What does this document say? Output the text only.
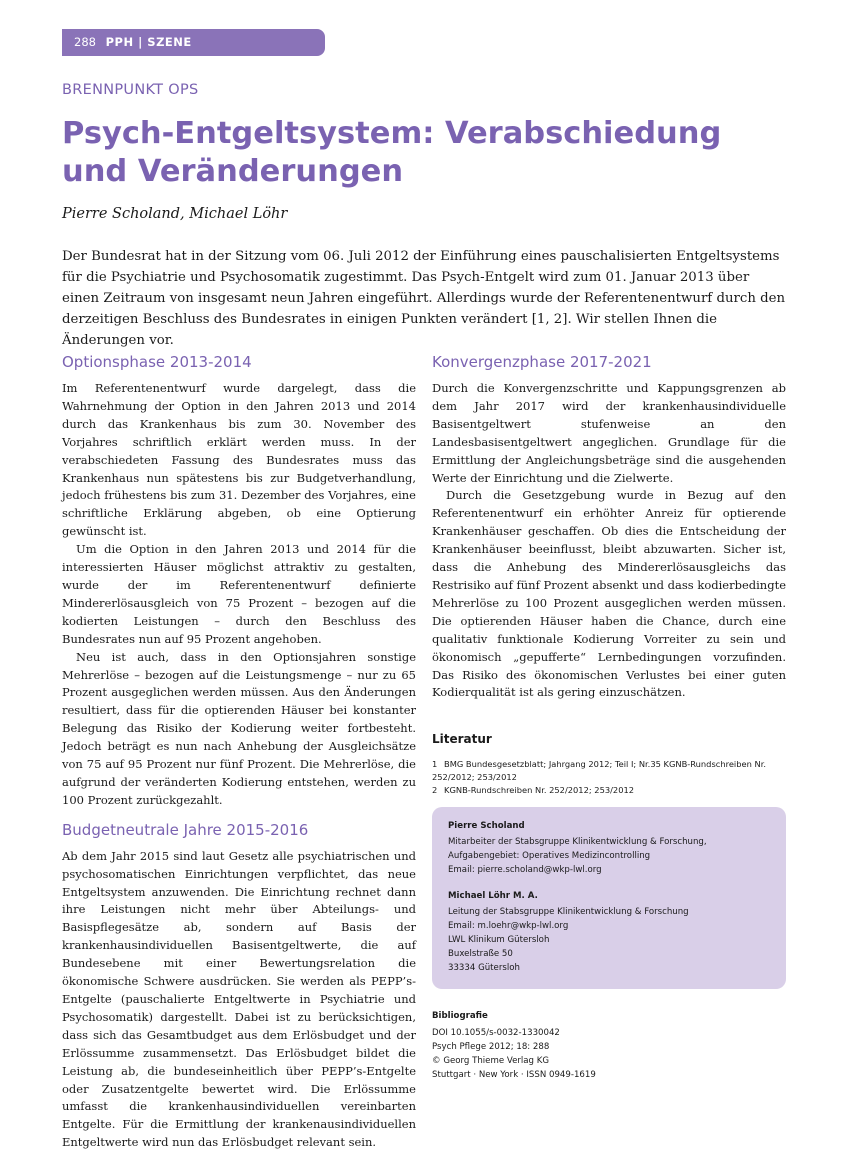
288 PPH | SZENE
BRENNPUNKT OPS
Psych-Entgeltsystem: Verabschiedung und Veränderungen
Pierre Scholand, Michael Löhr

Der Bundesrat hat in der Sitzung vom 06. Juli 2012 der Einführung eines pauschalisierten Entgeltsystems für die Psychiatrie und Psychosomatik zugestimmt. Das Psych-Entgelt wird zum 01. Januar 2013 über einen Zeitraum von insgesamt neun Jahren eingeführt. Allerdings wurde der Referentenentwurf durch den derzeitigen Beschluss des Bundesrates in einigen Punkten verändert [1, 2]. Wir stellen Ihnen die Änderungen vor.

Optionsphase 2013-2014

Im Referentenentwurf wurde dargelegt, dass die Wahrnehmung der Option in den Jahren 2013 und 2014 durch das Krankenhaus bis zum 30. November des Vorjahres schriftlich erklärt werden muss. In der verabschiedeten Fassung des Bundesrates muss das Krankenhaus nun spätestens bis zur Budgetverhandlung, jedoch frühestens bis zum 31. Dezember des Vorjahres, eine schriftliche Erklärung abgeben, ob eine Optierung gewünscht ist.

Um die Option in den Jahren 2013 und 2014 für die interessierten Häuser möglichst attraktiv zu gestalten, wurde der im Referentenentwurf definierte Mindererlösausgleich von 75 Prozent – bezogen auf die kodierten Leistungen – durch den Beschluss des Bundesrates nun auf 95 Prozent angehoben.

Neu ist auch, dass in den Optionsjahren sonstige Mehrerlöse – bezogen auf die Leistungsmenge – nur zu 65 Prozent ausgeglichen werden müssen. Aus den Änderungen resultiert, dass für die optierenden Häuser bei konstanter Belegung das Risiko der Kodierung weiter fortbesteht. Jedoch beträgt es nun nach Anhebung der Ausgleichsätze von 75 auf 95 Prozent nur fünf Prozent. Die Mehrerlöse, die aufgrund der veränderten Kodierung entstehen, werden zu 100 Prozent zurückgezahlt.

Budgetneutrale Jahre 2015-2016

Ab dem Jahr 2015 sind laut Gesetz alle psychiatrischen und psychosomatischen Einrichtungen verpflichtet, das neue Entgeltsystem anzuwenden. Die Einrichtung rechnet dann ihre Leistungen nicht mehr über Abteilungs- und Basispflegesätze ab, sondern auf Basis der krankenhausindividuellen Basisentgeltwerte, die auf Bundesebene mit einer Bewertungsrelation die ökonomische Schwere ausdrücken. Sie werden als PEPP’s-Entgelte (pauschalierte Entgeltwerte in Psychiatrie und Psychosomatik) dargestellt. Dabei ist zu berücksichtigen, dass sich das Gesamtbudget aus dem Erlösbudget und der Erlössumme zusammensetzt. Das Erlösbudget bildet die Leistung ab, die bundeseinheitlich über PEPP’s-Entgelte oder Zusatzentgelte bewertet wird. Die Erlössumme umfasst die krankenhausindividuellen vereinbarten Entgelte. Für die Ermittlung der krankenausindividuellen Entgeltwerte wird nun das Erlösbudget relevant sein.

Konvergenzphase 2017-2021

Durch die Konvergenzschritte und Kappungsgrenzen ab dem Jahr 2017 wird der krankenhausindividuelle Basisentgeltwert stufenweise an den Landesbasisentgeltwert angeglichen. Grundlage für die Ermittlung der Angleichungsbeträge sind die ausgehenden Werte der Einrichtung und die Zielwerte.

Durch die Gesetzgebung wurde in Bezug auf den Referentenentwurf ein erhöhter Anreiz für optierende Krankenhäuser geschaffen. Ob dies die Entscheidung der Krankenhäuser beeinflusst, bleibt abzuwarten. Sicher ist, dass die Anhebung des Mindererlösausgleichs das Restrisiko auf fünf Prozent absenkt und dass kodierbedingte Mehrerlöse zu 100 Prozent ausgeglichen werden müssen. Die optierenden Häuser haben die Chance, durch eine qualitativ funktionale Kodierung Vorreiter zu sein und ökonomisch „gepufferte“ Lernbedingungen vorzufinden. Das Risiko des ökonomischen Verlustes bei einer guten Kodierqualität ist als gering einzuschätzen.

Literatur

1 BMG Bundesgesetzblatt; Jahrgang 2012; Teil I; Nr.35 KGNB-Rundschreiben Nr. 252/2012; 253/2012

2 KGNB-Rundschreiben Nr. 252/2012; 253/2012

Pierre Scholand
Mitarbeiter der Stabsgruppe Klinikentwicklung & Forschung,
Aufgabengebiet: Operatives Medizincontrolling
Email: pierre.scholand@wkp-lwl.org
Michael Löhr M. A.
Leitung der Stabsgruppe Klinikentwicklung & Forschung
Email: m.loehr@wkp-lwl.org
LWL Klinikum Gütersloh
Buxelstraße 50
33334 Gütersloh
Bibliografie
DOI 10.1055/s-0032-1330042
Psych Pflege 2012; 18: 288
© Georg Thieme Verlag KG
Stuttgart · New York · ISSN 0949-1619
